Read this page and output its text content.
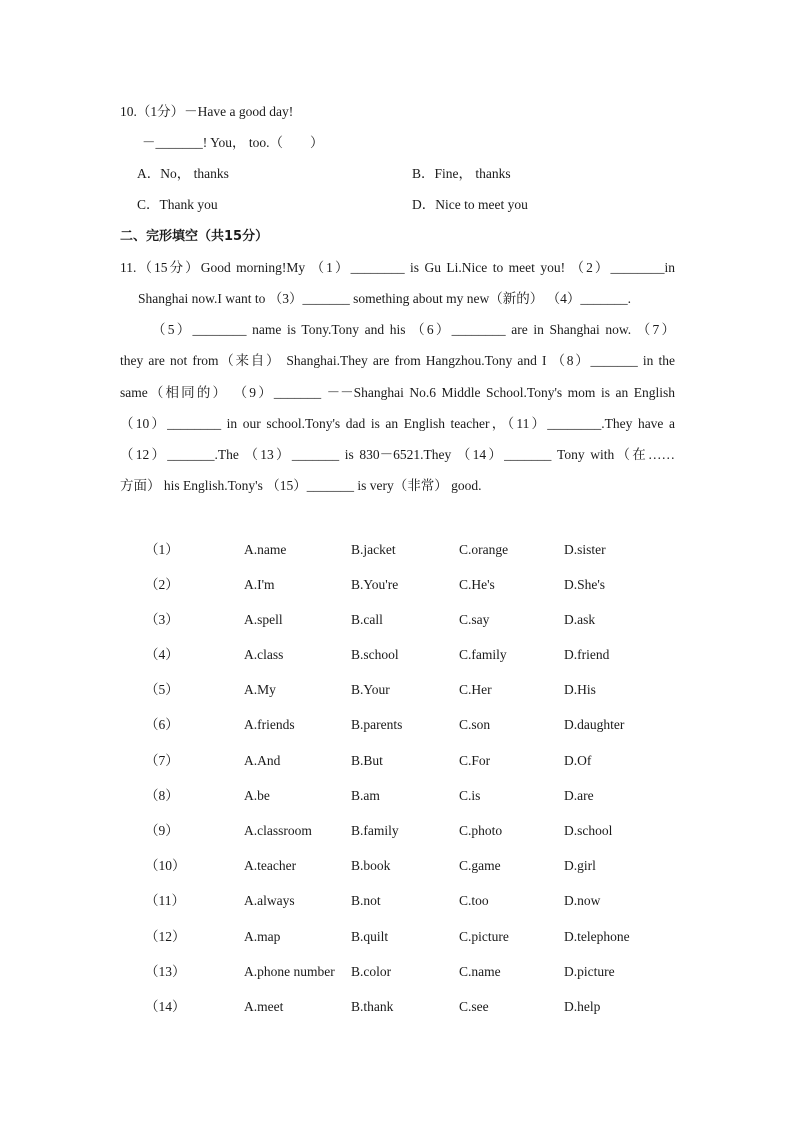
10.（1分）－Have a good day!
－_______! You， too.（　　）
A．No， thanks	B．Fine， thanks
C．Thank you	D．Nice to meet you
二、完形填空（共15分）
11.（15分）Good morning!My （1）________ is Gu Li.Nice to meet you! （2）________in
Shanghai now.I want to （3）_______ something about my new（新的） （4）_______.
（5）________ name is Tony.Tony and his （6）________ are in Shanghai now. （7）
they are not from（来自） Shanghai.They are from Hangzhou.Tony and I （8）_______ in the
same（相同的） （9）_______ －－Shanghai No.6 Middle School.Tony's mom is an English
（10）________ in our school.Tony's dad is an English teacher，（11）________.They have a
（12）_______.The （13）_______ is 830－6521.They （14）_______ Tony with（在……
方面） his English.Tony's （15）_______ is very（非常） good.
（1）	A.name	B.jacket	C.orange	D.sister
（2）	A.I'm	B.You're	C.He's	D.She's
（3）	A.spell	B.call	C.say	D.ask
（4）	A.class	B.school	C.family	D.friend
（5）	A.My	B.Your	C.Her	D.His
（6）	A.friends	B.parents	C.son	D.daughter
（7）	A.And	B.But	C.For	D.Of
（8）	A.be	B.am	C.is	D.are
（9）	A.classroom	B.family	C.photo	D.school
（10）	A.teacher	B.book	C.game	D.girl
（11）	A.always	B.not	C.too	D.now
（12）	A.map	B.quilt	C.picture	D.telephone
（13）	A.phone number B.color	C.name	D.picture
（14）	A.meet	B.thank	C.see	D.help
